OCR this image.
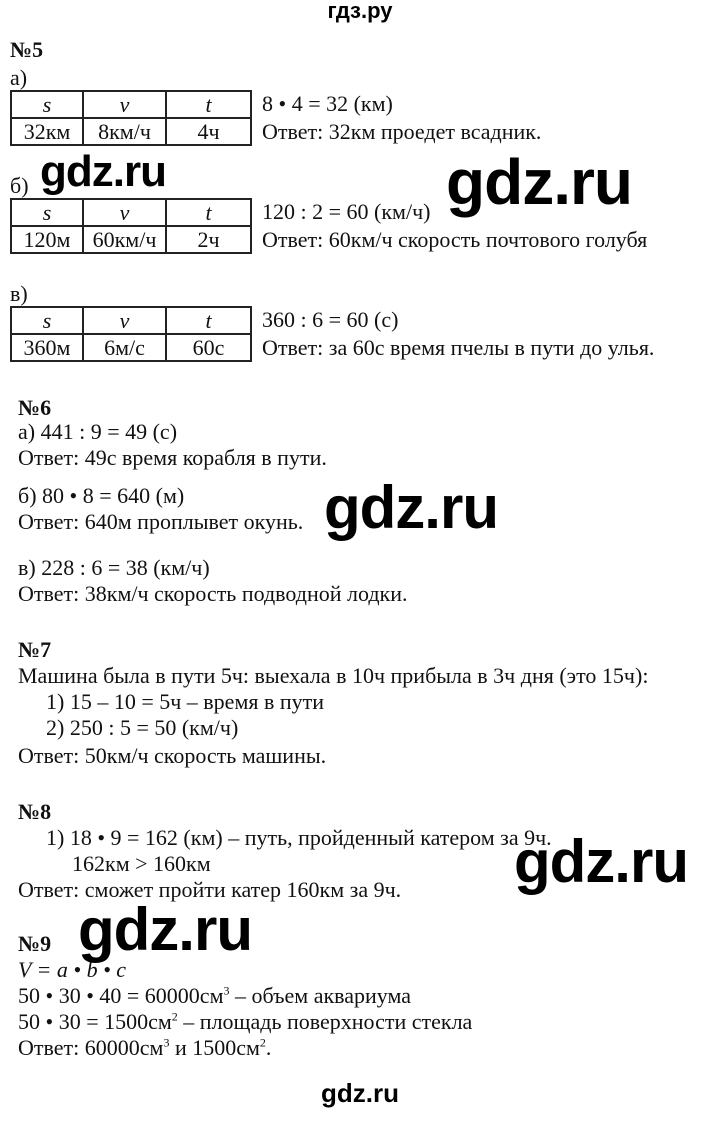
гдз.ру
№5
а)
s	v	t
32км	8км/ч	4ч
8 • 4 = 32 (км)
Ответ: 32км проедет всадник.
б)
s	v	t
120м	60км/ч	2ч
120 : 2 = 60 (км/ч)
Ответ: 60км/ч скорость почтового голубя
в)
s	v	t
360м	6м/с	60с
360 : 6 = 60 (с)
Ответ: за 60с время пчелы в пути до улья.
№6
а) 441 : 9 = 49 (с)
Ответ: 49с время корабля в пути.
б) 80 • 8 = 640 (м)
Ответ: 640м проплывет окунь.
в) 228 : 6 = 38 (км/ч)
Ответ: 38км/ч скорость подводной лодки.
№7
Машина была в пути 5ч: выехала в 10ч прибыла в 3ч дня (это 15ч):
1) 15 – 10 = 5ч – время в пути
2) 250 : 5 = 50 (км/ч)
Ответ: 50км/ч скорость машины.
№8
1) 18 • 9 = 162 (км) – путь, пройденный катером за 9ч.
162км > 160км
Ответ: сможет пройти катер 160км за 9ч.
№9
V = a • b • c
50 • 30 • $40 = 60000см^3$ – объем аквариума
50 • $30 = 1500см^2$ – площадь поверхности стекла
Ответ: $60000см^3$ и $1500см^2$.
gdz.ru	gdz.ru
gdz.ru
gdz.ru
gdz.ru
gdz.ru
